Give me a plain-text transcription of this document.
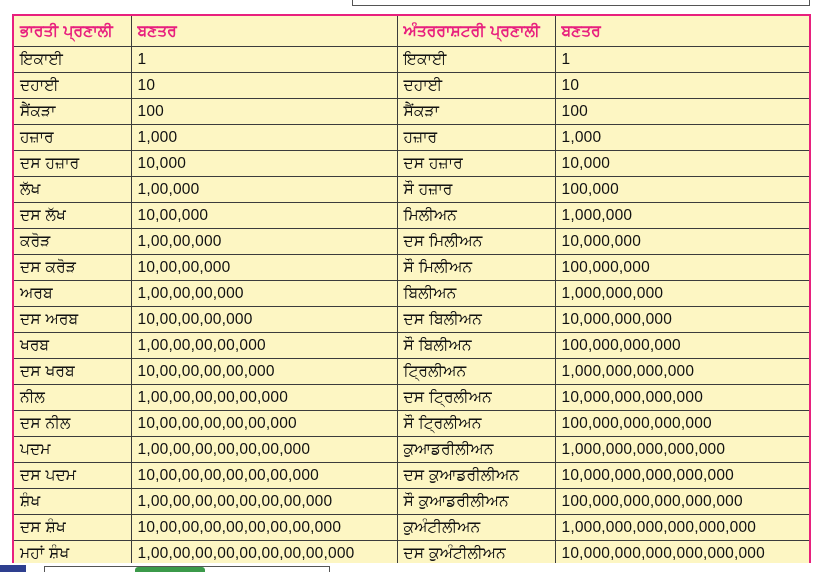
ਭਾਰਤੀ ਪ੍ਰਣਾਲੀ	ਬਣਤਰ	ਅੰਤਰਰਾਸ਼ਟਰੀ ਪ੍ਰਣਾਲੀ	ਬਣਤਰ
ਇਕਾਈ	1	ਇਕਾਈ	1
ਦਹਾਈ	10	ਦਹਾਈ	10
ਸੈਂਕੜਾ	100	ਸੈਂਕੜਾ	100
ਹਜ਼ਾਰ	1,000	ਹਜ਼ਾਰ	1,000
ਦਸ ਹਜ਼ਾਰ	10,000	ਦਸ ਹਜ਼ਾਰ	10,000
ਲੱਖ	1,00,000	ਸੌ ਹਜ਼ਾਰ	100,000
ਦਸ ਲੱਖ	10,00,000	ਮਿਲੀਅਨ	1,000,000
ਕਰੋੜ	1,00,00,000	ਦਸ ਮਿਲੀਅਨ	10,000,000
ਦਸ ਕਰੋੜ	10,00,00,000	ਸੌ ਮਿਲੀਅਨ	100,000,000
ਅਰਬ	1,00,00,00,000	ਬਿਲੀਅਨ	1,000,000,000
ਦਸ ਅਰਬ	10,00,00,00,000	ਦਸ ਬਿਲੀਅਨ	10,000,000,000
ਖਰਬ	1,00,00,00,00,000	ਸੌ ਬਿਲੀਅਨ	100,000,000,000
ਦਸ ਖਰਬ	10,00,00,00,00,000	ਟ੍ਰਿਲੀਅਨ	1,000,000,000,000
ਨੀਲ	1,00,00,00,00,00,000	ਦਸ ਟ੍ਰਿਲੀਅਨ	10,000,000,000,000
ਦਸ ਨੀਲ	10,00,00,00,00,00,000	ਸੌ ਟ੍ਰਿਲੀਅਨ	100,000,000,000,000
ਪਦਮ	1,00,00,00,00,00,00,000	ਕੁਆਡਰੀਲੀਅਨ	1,000,000,000,000,000
ਦਸ ਪਦਮ	10,00,00,00,00,00,00,000	ਦਸ ਕੁਆਡਰੀਲੀਅਨ	10,000,000,000,000,000
ਸ਼ੰਖ	1,00,00,00,00,00,00,00,000	ਸੌ ਕੁਆਡਰੀਲੀਅਨ	100,000,000,000,000,000
ਦਸ ਸ਼ੰਖ	10,00,00,00,00,00,00,00,000	ਕੁਅੰਟੀਲੀਅਨ	1,000,000,000,000,000,000
ਮਹਾਂ ਸ਼ੰਖ	1,00,00,00,00,00,00,00,00,000	ਦਸ ਕੁਅੰਟੀਲੀਅਨ	10,000,000,000,000,000,000
